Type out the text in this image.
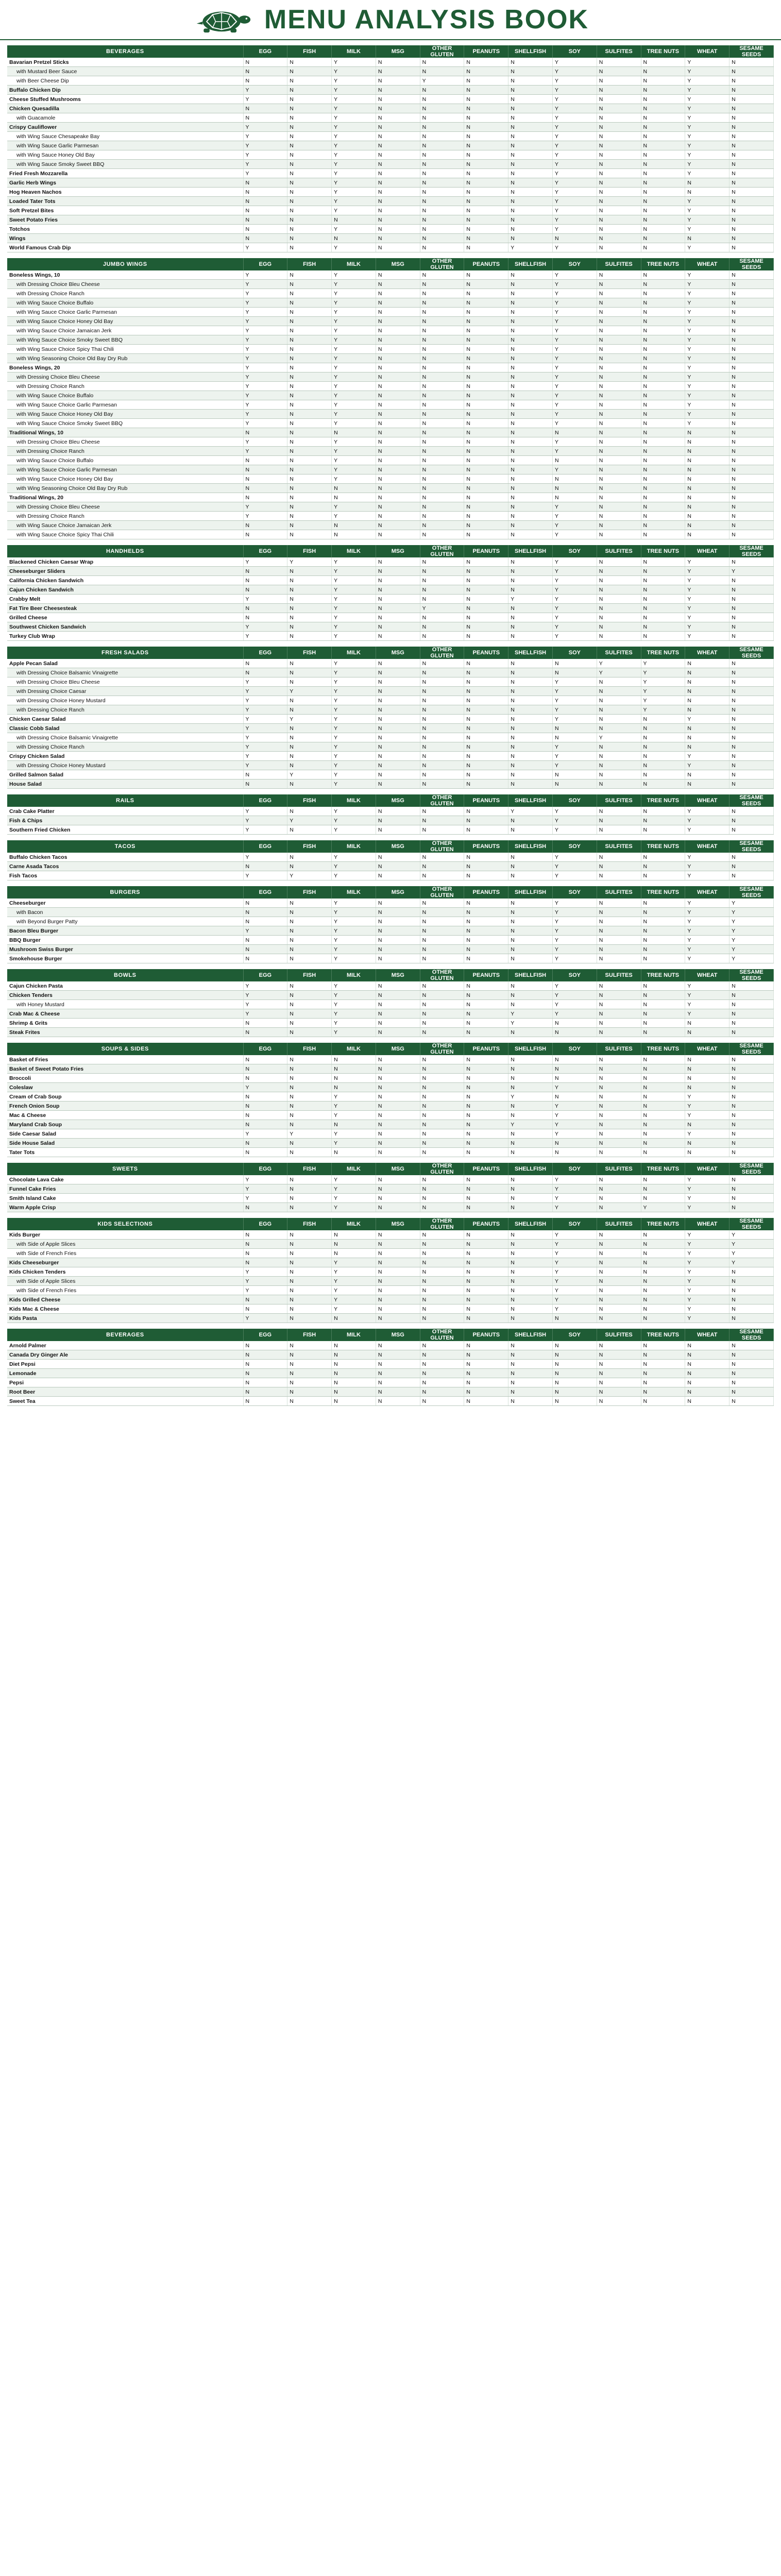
MENU ANALYSIS BOOK
BEVERAGES	EGG	FISH	MILK	MSG	OTHER GLUTEN	PEANUTS	SHELLFISH	SOY	SULFITES	TREE NUTS	WHEAT	SESAME SEEDS
Bavarian Pretzel Sticks	N	N	Y	N	N	N	N	Y	N	N	Y	N
with Mustard Beer Sauce	N	N	Y	N	N	N	N	Y	N	N	Y	N
with Beer Cheese Dip	N	N	Y	N	Y	N	N	Y	N	N	Y	N
Buffalo Chicken Dip	Y	N	Y	N	N	N	N	Y	N	N	Y	N
Cheese Stuffed Mushrooms	Y	N	Y	N	N	N	N	Y	N	N	Y	N
Chicken Quesadilla	N	N	Y	N	N	N	N	Y	N	N	Y	N
with Guacamole	N	N	Y	N	N	N	N	Y	N	N	Y	N
Crispy Cauliflower	Y	N	Y	N	N	N	N	Y	N	N	Y	N
with Wing Sauce Chesapeake Bay	Y	N	Y	N	N	N	N	Y	N	N	Y	N
with Wing Sauce Garlic Parmesan	Y	N	Y	N	N	N	N	Y	N	N	Y	N
with Wing Sauce Honey Old Bay	Y	N	Y	N	N	N	N	Y	N	N	Y	N
with Wing Sauce Smoky Sweet BBQ	Y	N	Y	N	N	N	N	Y	N	N	Y	N
Fried Fresh Mozzarella	Y	N	Y	N	N	N	N	Y	N	N	Y	N
Garlic Herb Wings	N	N	Y	N	N	N	N	Y	N	N	N	N
Hog Heaven Nachos	N	N	Y	N	N	N	N	Y	N	N	N	N
Loaded Tater Tots	N	N	Y	N	N	N	N	Y	N	N	Y	N
Soft Pretzel Bites	N	N	Y	N	N	N	N	Y	N	N	Y	N
Sweet Potato Fries	N	N	N	N	N	N	N	Y	N	N	Y	N
Totchos	N	N	Y	N	N	N	N	Y	N	N	Y	N
Wings	N	N	N	N	N	N	N	N	N	N	N	N
World Famous Crab Dip	Y	N	Y	N	N	N	Y	Y	N	N	Y	N
JUMBO WINGS	EGG	FISH	MILK	MSG	OTHER GLUTEN	PEANUTS	SHELLFISH	SOY	SULFITES	TREE NUTS	WHEAT	SESAME SEEDS
Boneless Wings, 10	Y	N	Y	N	N	N	N	Y	N	N	Y	N
with Dressing Choice Bleu Cheese	Y	N	Y	N	N	N	N	Y	N	N	Y	N
with Dressing Choice Ranch	Y	N	Y	N	N	N	N	Y	N	N	Y	N
with Wing Sauce Choice Buffalo	Y	N	Y	N	N	N	N	Y	N	N	Y	N
with Wing Sauce Choice Garlic Parmesan	Y	N	Y	N	N	N	N	Y	N	N	Y	N
with Wing Sauce Choice Honey Old Bay	Y	N	Y	N	N	N	N	Y	N	N	Y	N
with Wing Sauce Choice Jamaican Jerk	Y	N	Y	N	N	N	N	Y	N	N	Y	N
with Wing Sauce Choice Smoky Sweet BBQ	Y	N	Y	N	N	N	N	Y	N	N	Y	N
with Wing Sauce Choice Spicy Thai Chili	Y	N	Y	N	N	N	N	Y	N	N	Y	N
with Wing Seasoning Choice Old Bay Dry Rub	Y	N	Y	N	N	N	N	Y	N	N	Y	N
Boneless Wings, 20	Y	N	Y	N	N	N	N	Y	N	N	Y	N
with Dressing Choice Bleu Cheese	Y	N	Y	N	N	N	N	Y	N	N	Y	N
with Dressing Choice Ranch	Y	N	Y	N	N	N	N	Y	N	N	Y	N
with Wing Sauce Choice Buffalo	Y	N	Y	N	N	N	N	Y	N	N	Y	N
with Wing Sauce Choice Garlic Parmesan	Y	N	Y	N	N	N	N	Y	N	N	Y	N
with Wing Sauce Choice Honey Old Bay	Y	N	Y	N	N	N	N	Y	N	N	Y	N
with Wing Sauce Choice Smoky Sweet BBQ	Y	N	Y	N	N	N	N	Y	N	N	Y	N
Traditional Wings, 10	N	N	N	N	N	N	N	N	N	N	N	N
with Dressing Choice Bleu Cheese	Y	N	Y	N	N	N	N	Y	N	N	N	N
with Dressing Choice Ranch	Y	N	Y	N	N	N	N	Y	N	N	N	N
with Wing Sauce Choice Buffalo	N	N	Y	N	N	N	N	N	N	N	N	N
with Wing Sauce Choice Garlic Parmesan	N	N	Y	N	N	N	N	Y	N	N	N	N
with Wing Sauce Choice Honey Old Bay	N	N	Y	N	N	N	N	N	N	N	N	N
with Wing Seasoning Choice Old Bay Dry Rub	N	N	N	N	N	N	N	N	N	N	N	N
Traditional Wings, 20	N	N	N	N	N	N	N	N	N	N	N	N
with Dressing Choice Bleu Cheese	Y	N	Y	N	N	N	N	Y	N	N	N	N
with Dressing Choice Ranch	Y	N	Y	N	N	N	N	Y	N	N	N	N
with Wing Sauce Choice Jamaican Jerk	N	N	N	N	N	N	N	Y	N	N	N	N
with Wing Sauce Choice Spicy Thai Chili	N	N	N	N	N	N	N	Y	N	N	N	N
HANDHELDS	EGG	FISH	MILK	MSG	OTHER GLUTEN	PEANUTS	SHELLFISH	SOY	SULFITES	TREE NUTS	WHEAT	SESAME SEEDS
Blackened Chicken Caesar Wrap	Y	Y	Y	N	N	N	N	Y	N	N	Y	N
Cheeseburger Sliders	N	N	Y	N	N	N	N	Y	N	N	Y	Y
California Chicken Sandwich	N	N	Y	N	N	N	N	Y	N	N	Y	N
Cajun Chicken Sandwich	N	N	Y	N	N	N	N	Y	N	N	Y	N
Crabby Melt	Y	N	Y	N	N	N	Y	Y	N	N	Y	N
Fat Tire Beer Cheesesteak	N	N	Y	N	Y	N	N	Y	N	N	Y	N
Grilled Cheese	N	N	Y	N	N	N	N	Y	N	N	Y	N
Southwest Chicken Sandwich	Y	N	Y	N	N	N	N	Y	N	N	Y	N
Turkey Club Wrap	Y	N	Y	N	N	N	N	Y	N	N	Y	N
FRESH SALADS	EGG	FISH	MILK	MSG	OTHER GLUTEN	PEANUTS	SHELLFISH	SOY	SULFITES	TREE NUTS	WHEAT	SESAME SEEDS
Apple Pecan Salad	N	N	Y	N	N	N	N	N	Y	Y	N	N
with Dressing Choice Balsamic Vinaigrette	N	N	Y	N	N	N	N	N	Y	Y	N	N
with Dressing Choice Bleu Cheese	Y	N	Y	N	N	N	N	Y	N	Y	N	N
with Dressing Choice Caesar	Y	Y	Y	N	N	N	N	Y	N	Y	N	N
with Dressing Choice Honey Mustard	Y	N	Y	N	N	N	N	Y	N	Y	N	N
with Dressing Choice Ranch	Y	N	Y	N	N	N	N	Y	N	Y	N	N
Chicken Caesar Salad	Y	Y	Y	N	N	N	N	Y	N	N	Y	N
Classic Cobb Salad	Y	N	Y	N	N	N	N	N	N	N	N	N
with Dressing Choice Balsamic Vinaigrette	Y	N	Y	N	N	N	N	N	Y	N	N	N
with Dressing Choice Ranch	Y	N	Y	N	N	N	N	Y	N	N	N	N
Crispy Chicken Salad	Y	N	Y	N	N	N	N	Y	N	N	Y	N
with Dressing Choice Honey Mustard	Y	N	Y	N	N	N	N	Y	N	N	Y	N
Grilled Salmon Salad	N	Y	Y	N	N	N	N	N	N	N	N	N
House Salad	N	N	Y	N	N	N	N	N	N	N	N	N
RAILS	EGG	FISH	MILK	MSG	OTHER GLUTEN	PEANUTS	SHELLFISH	SOY	SULFITES	TREE NUTS	WHEAT	SESAME SEEDS
Crab Cake Platter	Y	N	Y	N	N	N	Y	Y	N	N	Y	N
Fish & Chips	Y	Y	Y	N	N	N	N	Y	N	N	Y	N
Southern Fried Chicken	Y	N	Y	N	N	N	N	Y	N	N	Y	N
TACOS	EGG	FISH	MILK	MSG	OTHER GLUTEN	PEANUTS	SHELLFISH	SOY	SULFITES	TREE NUTS	WHEAT	SESAME SEEDS
Buffalo Chicken Tacos	Y	N	Y	N	N	N	N	Y	N	N	Y	N
Carne Asada Tacos	N	N	Y	N	N	N	N	Y	N	N	Y	N
Fish Tacos	Y	Y	Y	N	N	N	N	Y	N	N	Y	N
BURGERS	EGG	FISH	MILK	MSG	OTHER GLUTEN	PEANUTS	SHELLFISH	SOY	SULFITES	TREE NUTS	WHEAT	SESAME SEEDS
Cheeseburger	N	N	Y	N	N	N	N	Y	N	N	Y	Y
with Bacon	N	N	Y	N	N	N	N	Y	N	N	Y	Y
with Beyond Burger Patty	N	N	Y	N	N	N	N	Y	N	N	Y	Y
Bacon Bleu Burger	Y	N	Y	N	N	N	N	Y	N	N	Y	Y
BBQ Burger	N	N	Y	N	N	N	N	Y	N	N	Y	Y
Mushroom Swiss Burger	N	N	Y	N	N	N	N	Y	N	N	Y	Y
Smokehouse Burger	N	N	Y	N	N	N	N	Y	N	N	Y	Y
BOWLS	EGG	FISH	MILK	MSG	OTHER GLUTEN	PEANUTS	SHELLFISH	SOY	SULFITES	TREE NUTS	WHEAT	SESAME SEEDS
Cajun Chicken Pasta	Y	N	Y	N	N	N	N	Y	N	N	Y	N
Chicken Tenders	Y	N	Y	N	N	N	N	Y	N	N	Y	N
with Honey Mustard	Y	N	Y	N	N	N	N	Y	N	N	Y	N
Crab Mac & Cheese	Y	N	Y	N	N	N	Y	Y	N	N	Y	N
Shrimp & Grits	N	N	Y	N	N	N	Y	N	N	N	N	N
Steak Frites	N	N	Y	N	N	N	N	N	N	N	N	N
SOUPS & SIDES	EGG	FISH	MILK	MSG	OTHER GLUTEN	PEANUTS	SHELLFISH	SOY	SULFITES	TREE NUTS	WHEAT	SESAME SEEDS
Basket of Fries	N	N	N	N	N	N	N	N	N	N	N	N
Basket of Sweet Potato Fries	N	N	N	N	N	N	N	N	N	N	N	N
Broccoli	N	N	N	N	N	N	N	N	N	N	N	N
Coleslaw	Y	N	N	N	N	N	N	Y	N	N	N	N
Cream of Crab Soup	N	N	Y	N	N	N	Y	N	N	N	Y	N
French Onion Soup	N	N	Y	N	N	N	N	Y	N	N	Y	N
Mac & Cheese	N	N	Y	N	N	N	N	Y	N	N	Y	N
Maryland Crab Soup	N	N	N	N	N	N	Y	Y	N	N	N	N
Side Caesar Salad	Y	Y	Y	N	N	N	N	Y	N	N	Y	N
Side House Salad	N	N	Y	N	N	N	N	N	N	N	N	N
Tater Tots	N	N	N	N	N	N	N	N	N	N	N	N
SWEETS	EGG	FISH	MILK	MSG	OTHER GLUTEN	PEANUTS	SHELLFISH	SOY	SULFITES	TREE NUTS	WHEAT	SESAME SEEDS
Chocolate Lava Cake	Y	N	Y	N	N	N	N	Y	N	N	Y	N
Funnel Cake Fries	Y	N	Y	N	N	N	N	Y	N	N	Y	N
Smith Island Cake	Y	N	Y	N	N	N	N	Y	N	N	Y	N
Warm Apple Crisp	N	N	Y	N	N	N	N	Y	N	Y	Y	N
KIDS SELECTIONS	EGG	FISH	MILK	MSG	OTHER GLUTEN	PEANUTS	SHELLFISH	SOY	SULFITES	TREE NUTS	WHEAT	SESAME SEEDS
Kids Burger	N	N	N	N	N	N	N	Y	N	N	Y	Y
with Side of Apple Slices	N	N	N	N	N	N	N	Y	N	N	Y	Y
with Side of French Fries	N	N	N	N	N	N	N	Y	N	N	Y	Y
Kids Cheeseburger	N	N	Y	N	N	N	N	Y	N	N	Y	Y
Kids Chicken Tenders	Y	N	Y	N	N	N	N	Y	N	N	Y	N
with Side of Apple Slices	Y	N	Y	N	N	N	N	Y	N	N	Y	N
with Side of French Fries	Y	N	Y	N	N	N	N	Y	N	N	Y	N
Kids Grilled Cheese	N	N	Y	N	N	N	N	Y	N	N	Y	N
Kids Mac & Cheese	N	N	Y	N	N	N	N	Y	N	N	Y	N
Kids Pasta	Y	N	N	N	N	N	N	N	N	N	Y	N
BEVERAGES	EGG	FISH	MILK	MSG	OTHER GLUTEN	PEANUTS	SHELLFISH	SOY	SULFITES	TREE NUTS	WHEAT	SESAME SEEDS
Arnold Palmer	N	N	N	N	N	N	N	N	N	N	N	N
Canada Dry Ginger Ale	N	N	N	N	N	N	N	N	N	N	N	N
Diet Pepsi	N	N	N	N	N	N	N	N	N	N	N	N
Lemonade	N	N	N	N	N	N	N	N	N	N	N	N
Pepsi	N	N	N	N	N	N	N	N	N	N	N	N
Root Beer	N	N	N	N	N	N	N	N	N	N	N	N
Sweet Tea	N	N	N	N	N	N	N	N	N	N	N	N
